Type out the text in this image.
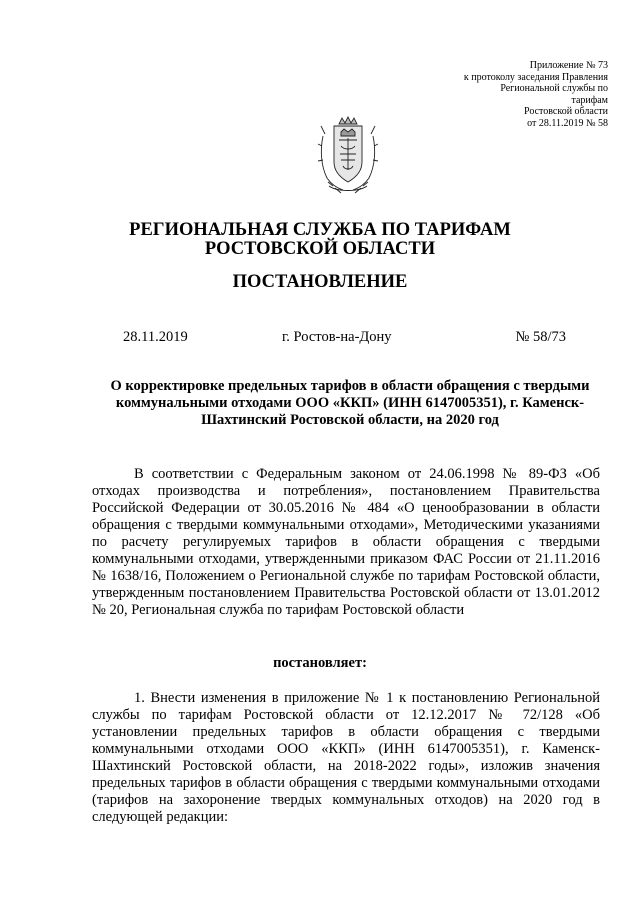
Приложение № 73
к протоколу заседания Правления
Региональной службы по
тарифам
Ростовской области
от 28.11.2019 № 58
РЕГИОНАЛЬНАЯ СЛУЖБА ПО ТАРИФАМ
РОСТОВСКОЙ ОБЛАСТИ
ПОСТАНОВЛЕНИЕ
28.11.2019	г. Ростов-на-Дону	№ 58/73
О корректировке предельных тарифов в области обращения с твердыми коммунальными отходами ООО «ККП» (ИНН 6147005351), г. Каменск-Шахтинский Ростовской области, на 2020 год
В соответствии с Федеральным законом от 24.06.1998 № 89-ФЗ «Об отходах производства и потребления», постановлением Правительства Российской Федерации от 30.05.2016 № 484 «О ценообразовании в области обращения с твердыми коммунальными отходами», Методическими указаниями по расчету регулируемых тарифов в области обращения с твердыми коммунальными отходами, утвержденными приказом ФАС России от 21.11.2016 № 1638/16, Положением о Региональной службе по тарифам Ростовской области, утвержденным постановлением Правительства Ростовской области от 13.01.2012 № 20, Региональная служба по тарифам Ростовской области
постановляет:
1. Внести изменения в приложение № 1 к постановлению Региональной службы по тарифам Ростовской области от 12.12.2017 № 72/128 «Об установлении предельных тарифов в области обращения с твердыми коммунальными отходами ООО «ККП» (ИНН 6147005351), г. Каменск-Шахтинский Ростовской области, на 2018-2022 годы», изложив значения предельных тарифов в области обращения с твердыми коммунальными отходами (тарифов на захоронение твердых коммунальных отходов) на 2020 год в следующей редакции:
